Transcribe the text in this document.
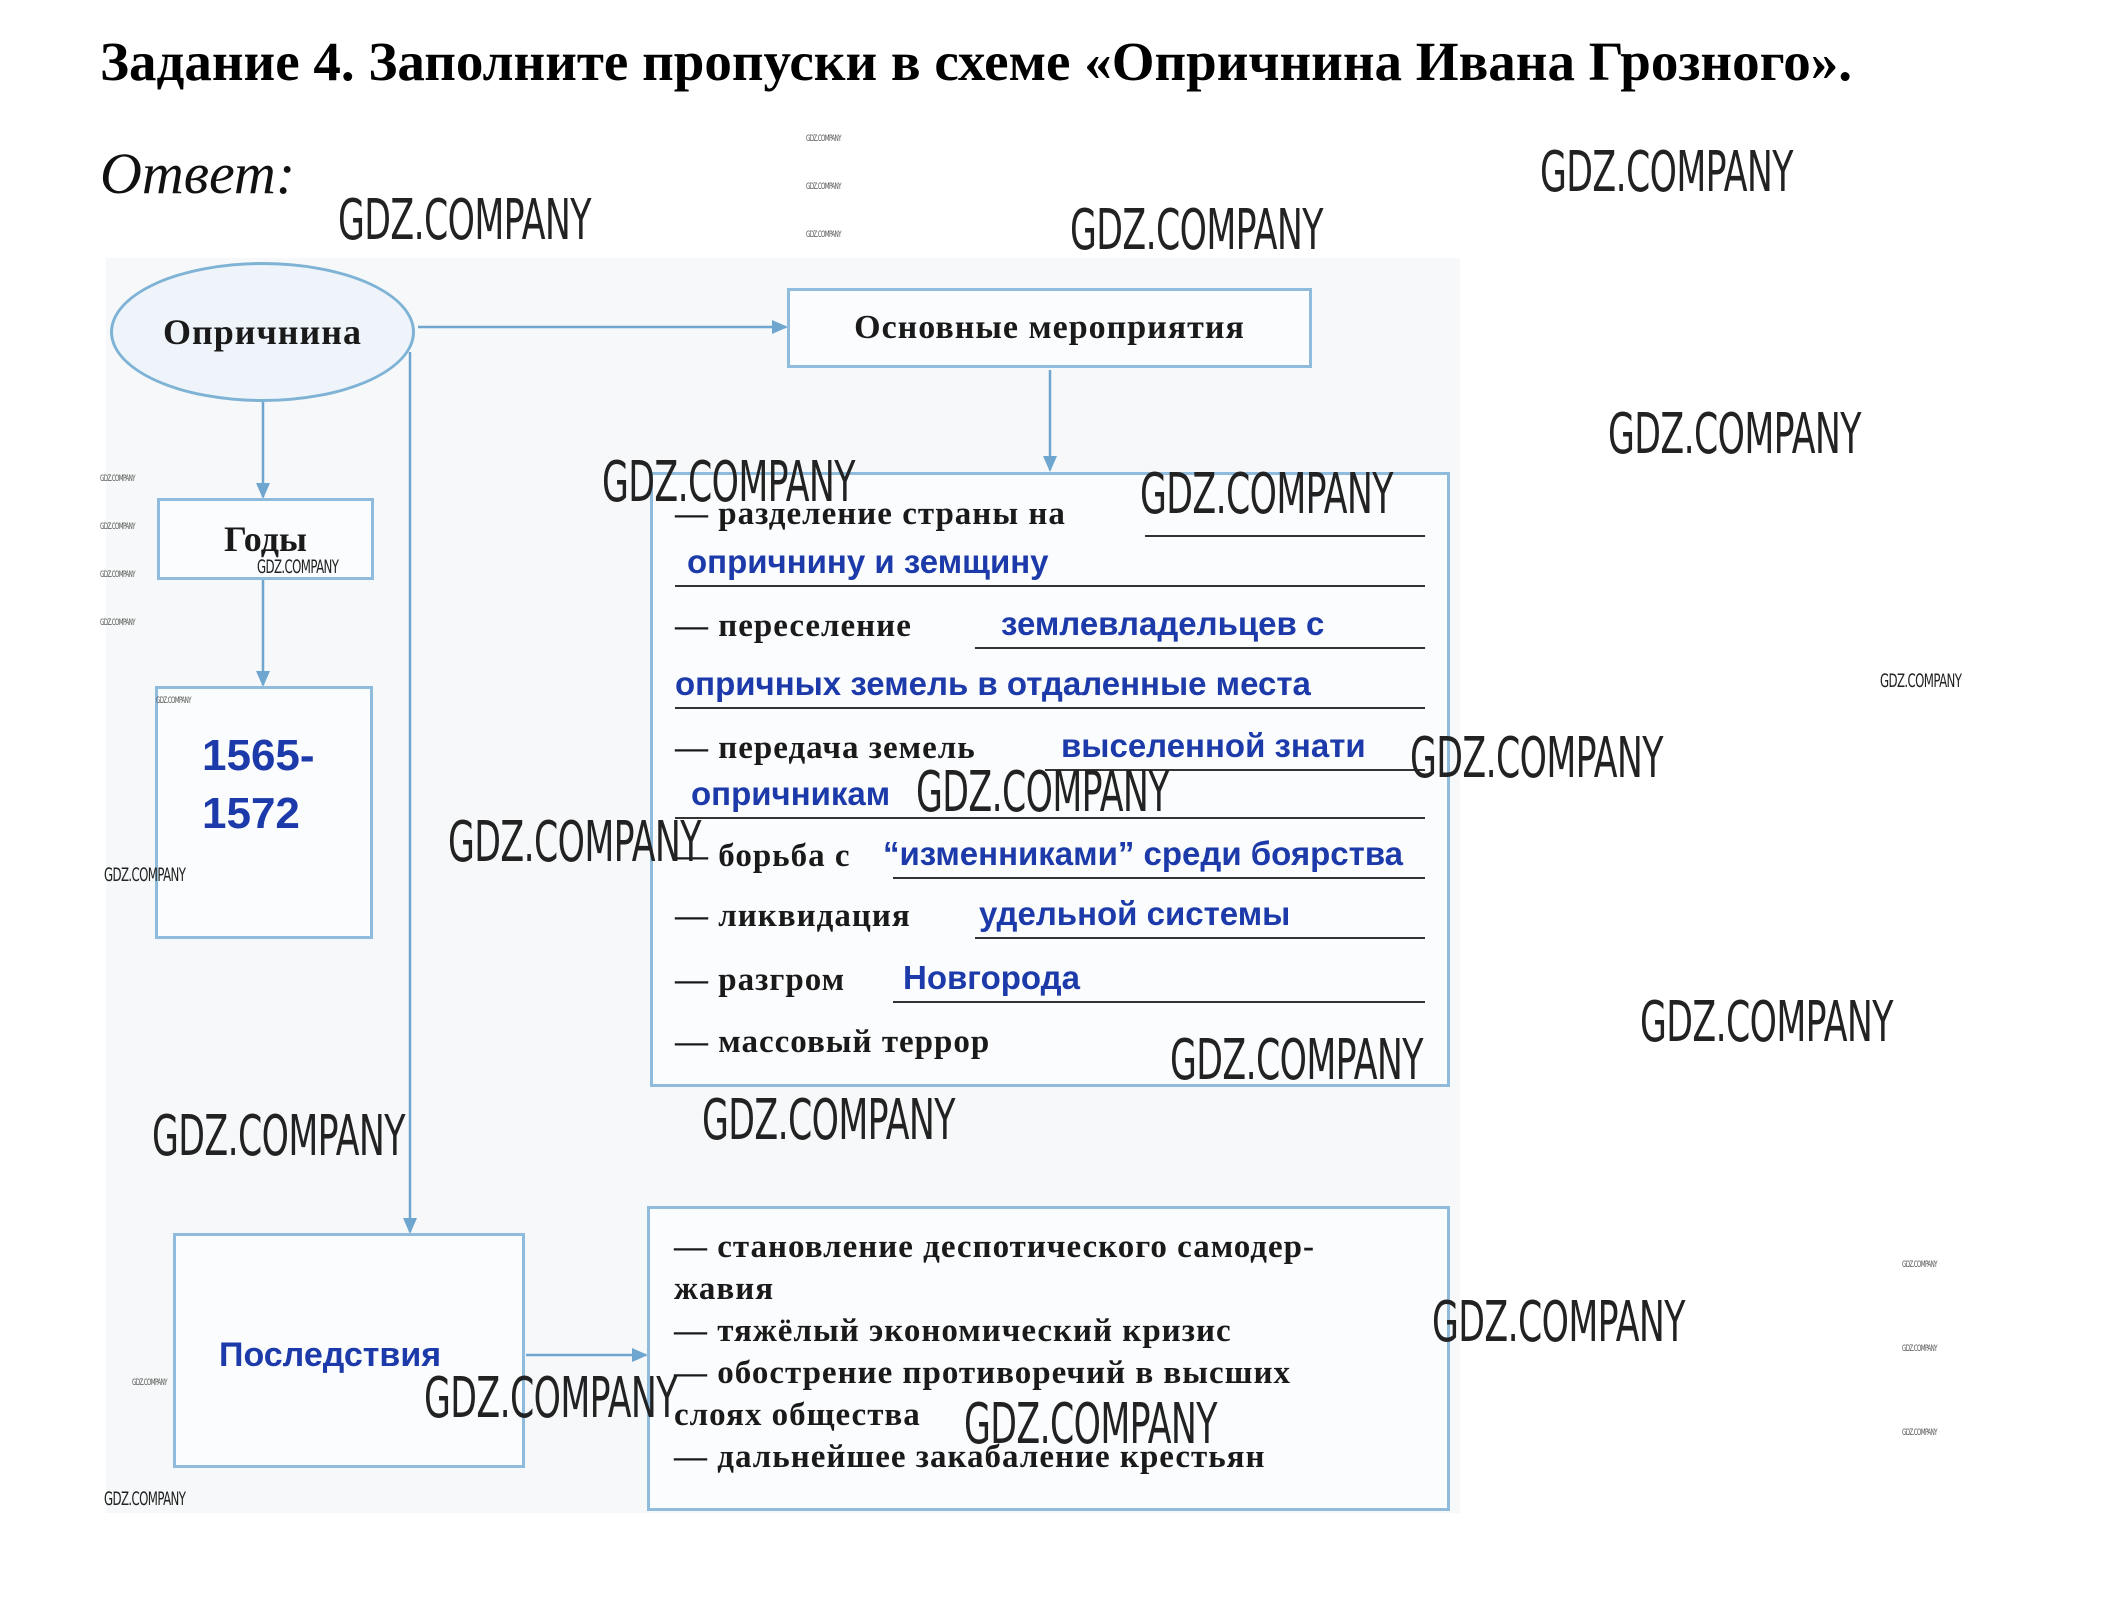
Задание 4. Заполните пропуски в схеме «Опричнина Ивана Грозного».
Ответ:
Опричнина	Основные мероприятия
Годы
1565-
1572
— разделение страны на
опричнину и земщину
— переселение	землевладельцев с
опричных земель в отдаленные места
— передача земель	выселенной знати
опричникам
— борьба с “изменниками” среди боярства
— ликвидация удельной системы
— разгром Новгорода
— массовый террор
Последствия
— становление деспотического самодер-
жавия
— тяжёлый экономический кризис
— обострение противоречий в высших
слоях общества
— дальнейшее закабаление крестьян
GDZ.COMPANY	GDZ.COMPANY
GDZ.COMPANY
GDZ.COMPANY
GDZ.COMPANY	GDZ.COMPANY
GDZ.COMPANY
GDZ.COMPANY
GDZ.COMPANY
GDZ.COMPANY
GDZ.COMPANY
GDZ.COMPANY
GDZ.COMPANY
GDZ.COMPANY
GDZ.COMPANY	GDZ.COMPANY
GDZ.COMPANY
GDZ.COMPANY
GDZ.COMPANY
GDZ.COMPANY
GDZ.COMPANY
GDZ.COMPANY
GDZ.COMPANY
GDZ.COMPANY
GDZ.COMPANY
GDZ.COMPANY
GDZ.COMPANY
GDZ.COMPANY
GDZ.COMPANY
GDZ.COMPANY
GDZ.COMPANY
GDZ.COMPANY
